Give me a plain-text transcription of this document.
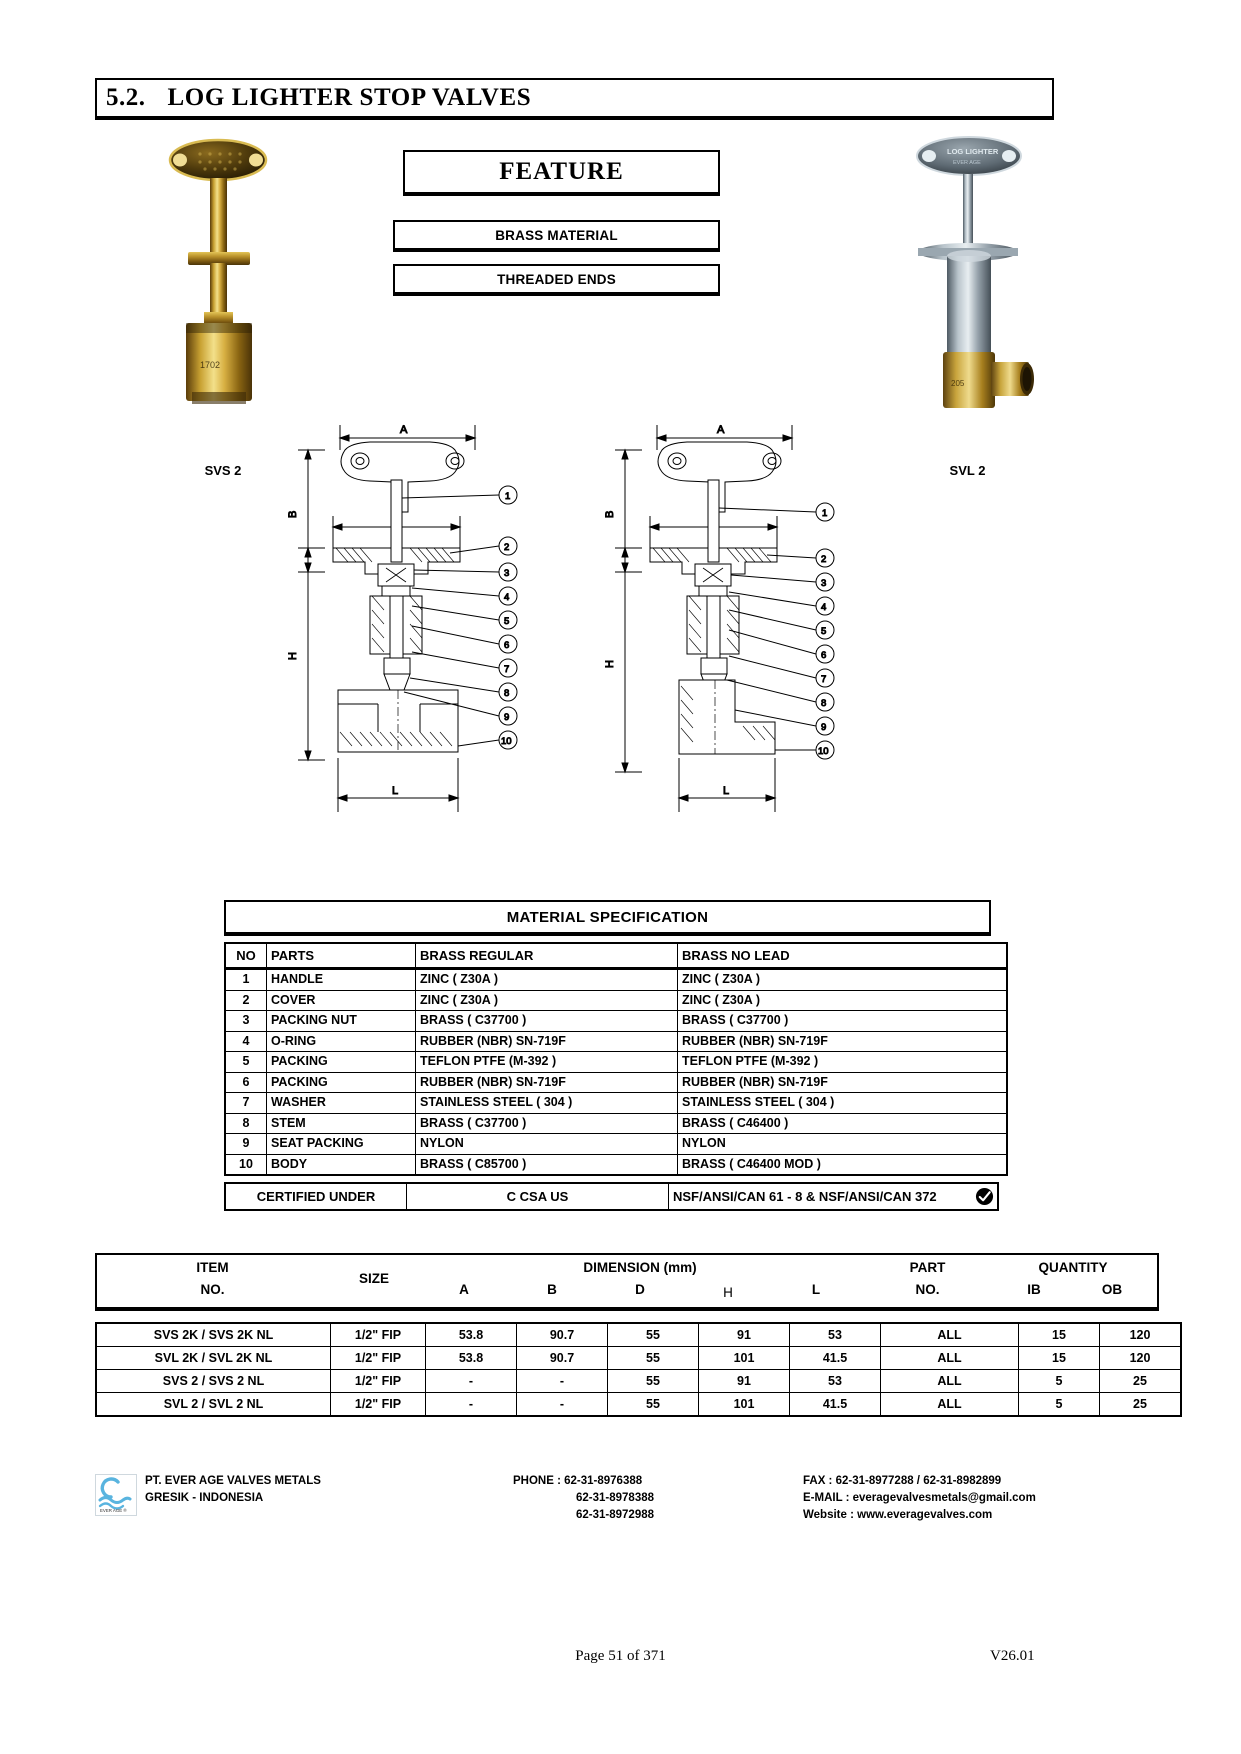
5.2. LOG LIGHTER STOP VALVES
1702
SVS 2
FEATURE
BRASS MATERIAL
THREADED ENDS
LOG LIGHTER
EVER AGE
205
SVL 2
A
B
H
L
1
2
3
4
5
6
7
8
9
10
A
B
H
L
1
2
3
4
5
6
7
8
9
10
MATERIAL SPECIFICATION
NO	PARTS	BRASS REGULAR	BRASS NO LEAD
1	HANDLE	ZINC ( Z30A )	ZINC ( Z30A )
2	COVER	ZINC ( Z30A )	ZINC ( Z30A )
3	PACKING NUT	BRASS ( C37700 )	BRASS ( C37700 )
4	O-RING	RUBBER (NBR) SN-719F	RUBBER (NBR) SN-719F
5	PACKING	TEFLON PTFE (M-392 )	TEFLON PTFE (M-392 )
6	PACKING	RUBBER (NBR) SN-719F	RUBBER (NBR) SN-719F
7	WASHER	STAINLESS STEEL ( 304 )	STAINLESS STEEL ( 304 )
8	STEM	BRASS ( C37700 )	BRASS ( C46400 )
9	SEAT PACKING	NYLON	NYLON
10	BODY	BRASS ( C85700 )	BRASS ( C46400 MOD )
CERTIFIED UNDER	C CSA US	NSF/ANSI/CAN 61 - 8 & NSF/ANSI/CAN 372
ITEM
NO.
SIZE
DIMENSION (mm)
A	B	D	H	L
PART
NO.
QUANTITY
IB	OB
SVS 2K / SVS 2K NL	1/2" FIP	53.8	90.7	55	91	53	ALL	15	120
SVL 2K / SVL 2K NL	1/2" FIP	53.8	90.7	55	101	41.5	ALL	15	120
SVS 2 / SVS 2 NL	1/2" FIP	-	-	55	91	53	ALL	5	25
SVL 2 / SVL 2 NL	1/2" FIP	-	-	55	101	41.5	ALL	5	25
EVER AGE ®
PT. EVER AGE VALVES METALS
GRESIK - INDONESIA
PHONE : 62-31-8976388
62-31-8978388
62-31-8972988
FAX : 62-31-8977288 / 62-31-8982899
E-MAIL : everagevalvesmetals@gmail.com
Website : www.everagevalves.com
Page 51 of 371	V26.01
